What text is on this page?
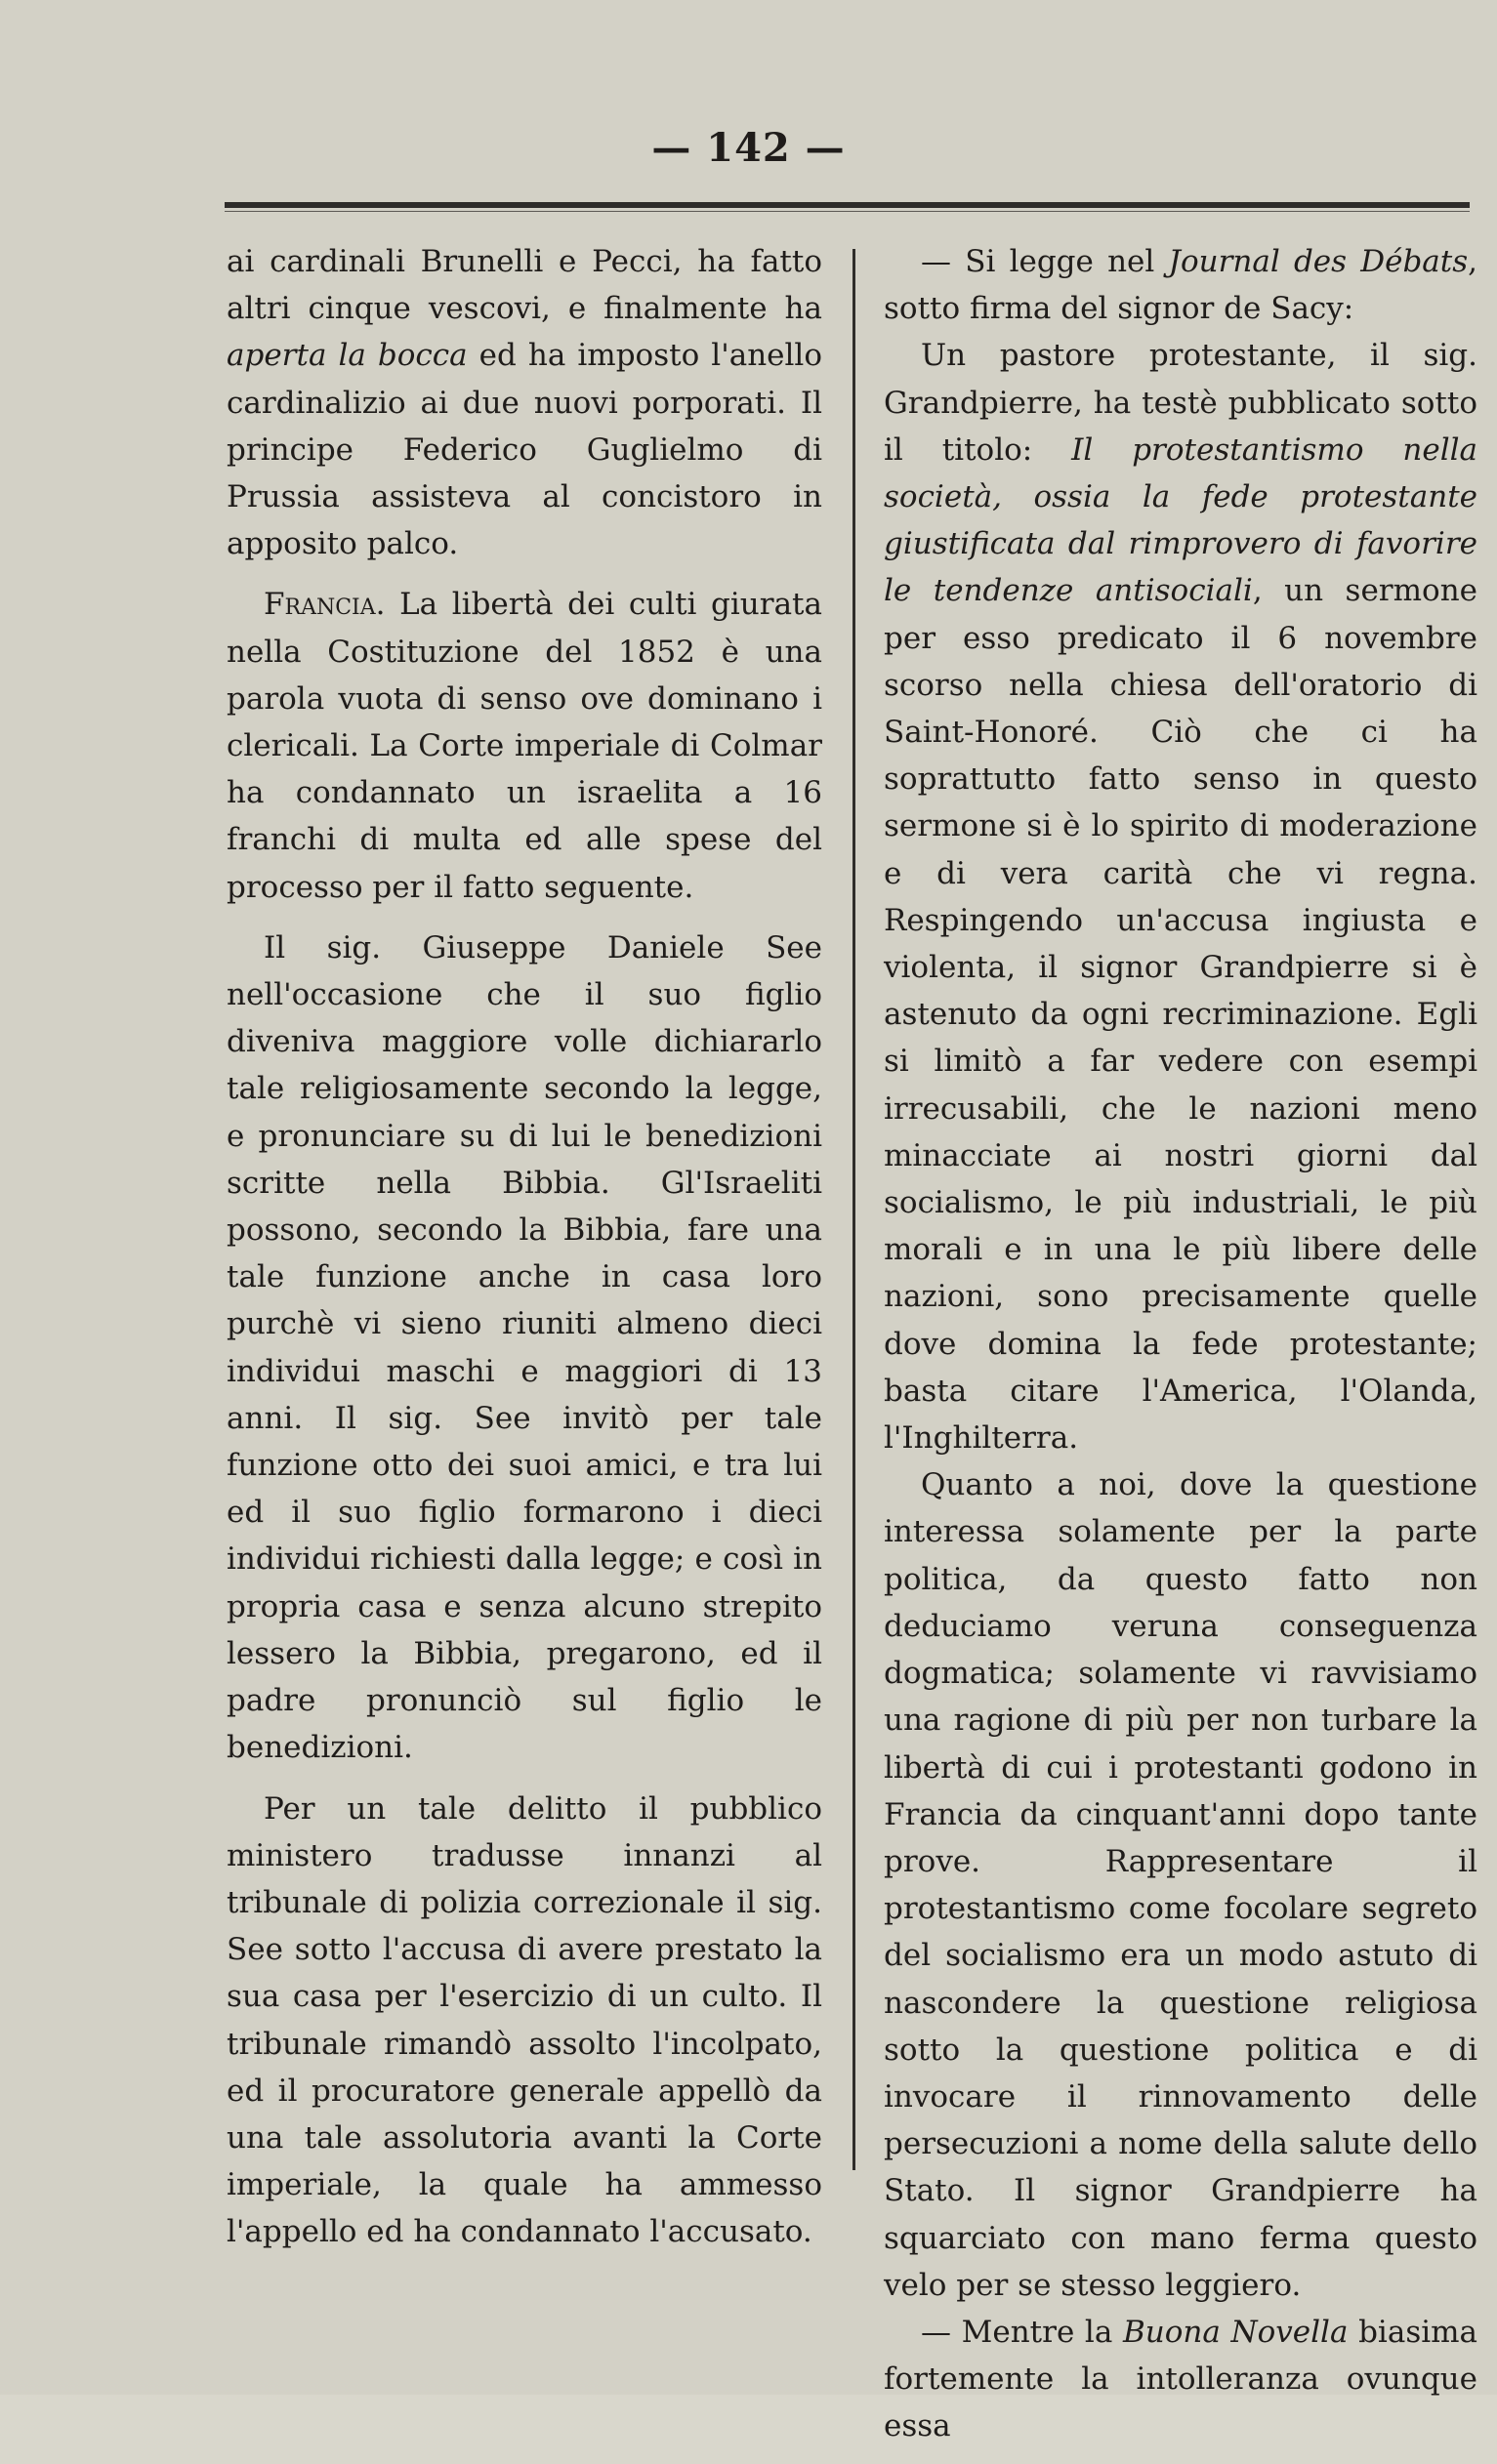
— 142 —

ai cardinali Brunelli e Pecci, ha fatto altri cinque vescovi, e finalmente ha aperta la bocca ed ha imposto l'anello cardinalizio ai due nuovi porporati. Il principe Federico Guglielmo di Prussia assisteva al concistoro in apposito palco.

Francia. La libertà dei culti giurata nella Costituzione del 1852 è una parola vuota di senso ove dominano i clericali. La Corte imperiale di Colmar ha condannato un israelita a 16 franchi di multa ed alle spese del processo per il fatto seguente.

Il sig. Giuseppe Daniele See nell'occasione che il suo figlio diveniva maggiore volle dichiararlo tale religiosamente secondo la legge, e pronunciare su di lui le benedizioni scritte nella Bibbia. Gl'Israeliti possono, secondo la Bibbia, fare una tale funzione anche in casa loro purchè vi sieno riuniti almeno dieci individui maschi e maggiori di 13 anni. Il sig. See invitò per tale funzione otto dei suoi amici, e tra lui ed il suo figlio formarono i dieci individui richiesti dalla legge; e così in propria casa e senza alcuno strepito lessero la Bibbia, pregarono, ed il padre pronunciò sul figlio le benedizioni.

Per un tale delitto il pubblico ministero tradusse innanzi al tribunale di polizia correzionale il sig. See sotto l'accusa di avere prestato la sua casa per l'esercizio di un culto. Il tribunale rimandò assolto l'incolpato, ed il procuratore generale appellò da una tale assolutoria avanti la Corte imperiale, la quale ha ammesso l'appello ed ha condannato l'accusato.

— Si legge nel Journal des Débats, sotto firma del signor de Sacy:

Un pastore protestante, il sig. Grandpierre, ha testè pubblicato sotto il titolo: Il protestantismo nella società, ossia la fede protestante giustificata dal rimprovero di favorire le tendenze antisociali, un sermone per esso predicato il 6 novembre scorso nella chiesa dell'oratorio di Saint-Honoré. Ciò che ci ha soprattutto fatto senso in questo sermone si è lo spirito di moderazione e di vera carità che vi regna. Respingendo un'accusa ingiusta e violenta, il signor Grandpierre si è astenuto da ogni recriminazione. Egli si limitò a far vedere con esempi irrecusabili, che le nazioni meno minacciate ai nostri giorni dal socialismo, le più industriali, le più morali e in una le più libere delle nazioni, sono precisamente quelle dove domina la fede protestante; basta citare l'America, l'Olanda, l'Inghilterra.

Quanto a noi, dove la questione interessa solamente per la parte politica, da questo fatto non deduciamo veruna conseguenza dogmatica; solamente vi ravvisiamo una ragione di più per non turbare la libertà di cui i protestanti godono in Francia da cinquant'anni dopo tante prove. Rappresentare il protestantismo come focolare segreto del socialismo era un modo astuto di nascondere la questione religiosa sotto la questione politica e di invocare il rinnovamento delle persecuzioni a nome della salute dello Stato. Il signor Grandpierre ha squarciato con mano ferma questo velo per se stesso leggiero.

— Mentre la Buona Novella biasima fortemente la intolleranza ovunque essa
